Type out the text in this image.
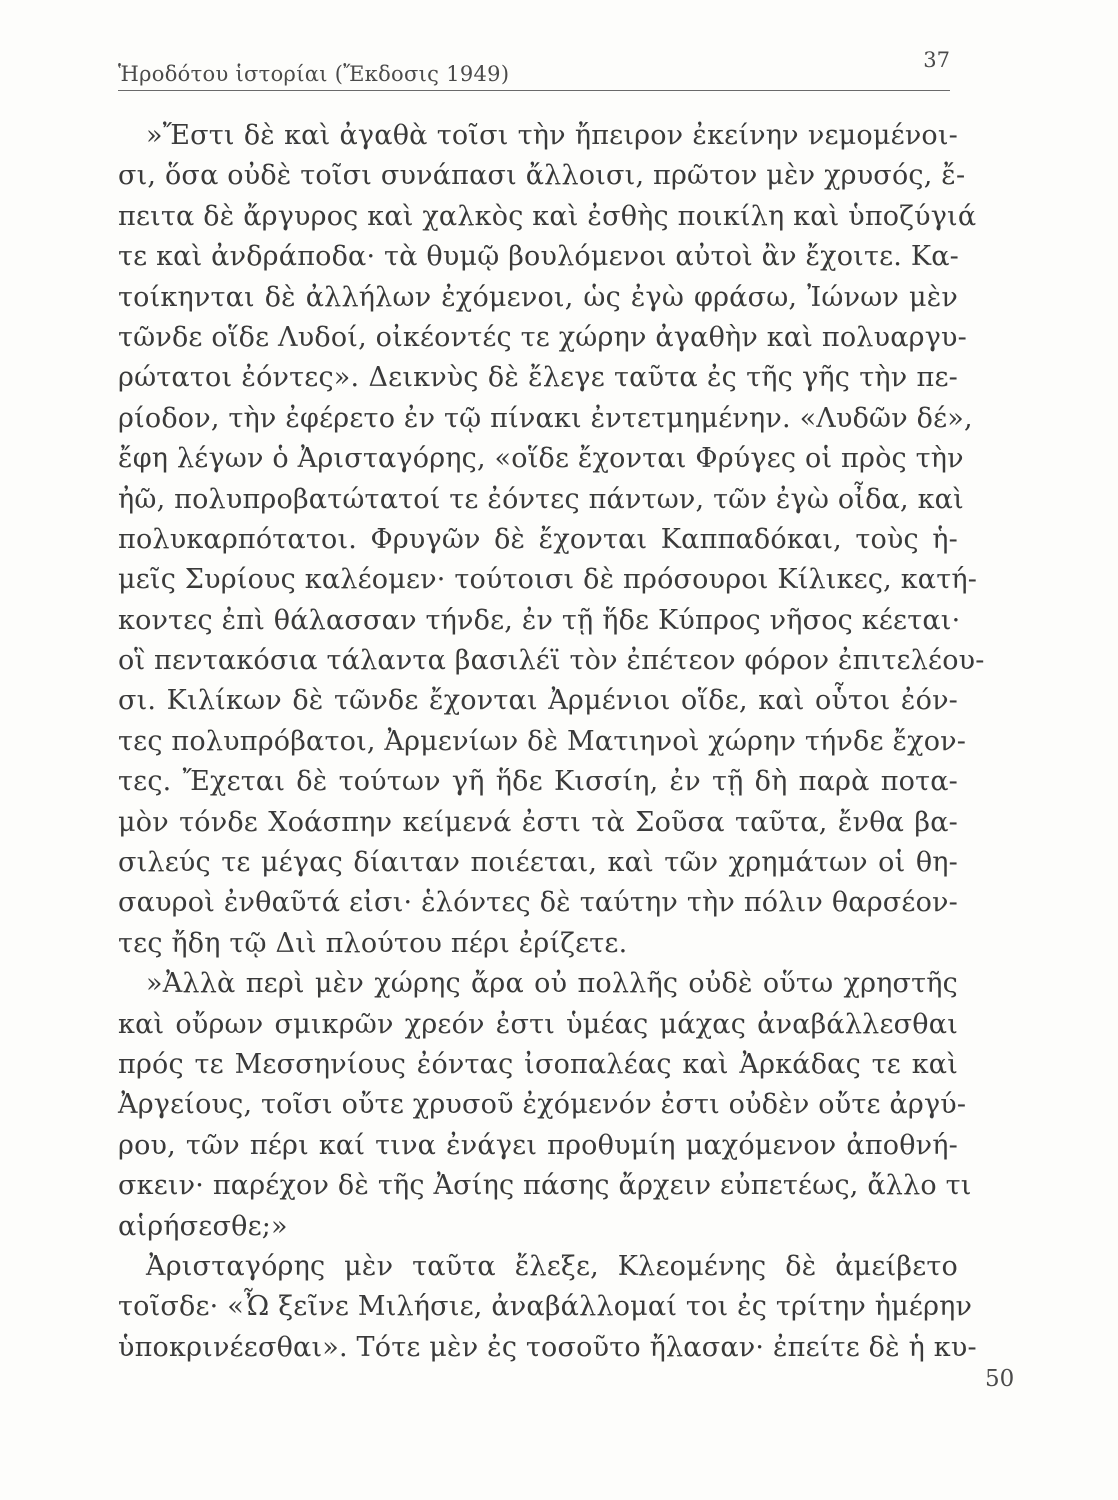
Ἡροδότου ἱστορίαι (Ἔκδοσις 1949)
37
»Ἔστι δὲ καὶ ἀγαθὰ τοῖσι τὴν ἤπειρον ἐκείνην νεμομένοι-
σι, ὅσα οὐδὲ τοῖσι συνάπασι ἄλλοισι, πρῶτον μὲν χρυσός, ἔ-
πειτα δὲ ἄργυρος καὶ χαλκὸς καὶ ἐσθὴς ποικίλη καὶ ὑποζύγιά
τε καὶ ἀνδράποδα· τὰ θυμῷ βουλόμενοι αὐτοὶ ἂν ἔχοιτε. Κα-
τοίκηνται δὲ ἀλλήλων ἐχόμενοι, ὡς ἐγὼ φράσω, Ἰώνων μὲν
τῶνδε οἵδε Λυδοί, οἰκέοντές τε χώρην ἀγαθὴν καὶ πολυαργυ-
ρώτατοι ἐόντες». Δεικνὺς δὲ ἔλεγε ταῦτα ἐς τῆς γῆς τὴν πε-
ρίοδον, τὴν ἐφέρετο ἐν τῷ πίνακι ἐντετμημένην. «Λυδῶν δέ»,
ἔφη λέγων ὁ Ἀρισταγόρης, «οἵδε ἔχονται Φρύγες οἱ πρὸς τὴν
ἠῶ, πολυπροβατώτατοί τε ἐόντες πάντων, τῶν ἐγὼ οἶδα, καὶ
πολυκαρπότατοι. Φρυγῶν δὲ ἔχονται Καππαδόκαι, τοὺς ἡ-
μεῖς Συρίους καλέομεν· τούτοισι δὲ πρόσουροι Κίλικες, κατή-
κοντες ἐπὶ θάλασσαν τήνδε, ἐν τῇ ἥδε Κύπρος νῆσος κέεται·
οἳ πεντακόσια τάλαντα βασιλέϊ τὸν ἐπέτεον φόρον ἐπιτελέου-
σι. Κιλίκων δὲ τῶνδε ἔχονται Ἀρμένιοι οἵδε, καὶ οὗτοι ἐόν-
τες πολυπρόβατοι, Ἀρμενίων δὲ Ματιηνοὶ χώρην τήνδε ἔχον-
τες. Ἔχεται δὲ τούτων γῆ ἥδε Κισσίη, ἐν τῇ δὴ παρὰ ποτα-
μὸν τόνδε Χοάσπην κείμενά ἐστι τὰ Σοῦσα ταῦτα, ἔνθα βα-
σιλεύς τε μέγας δίαιταν ποιέεται, καὶ τῶν χρημάτων οἱ θη-
σαυροὶ ἐνθαῦτά εἰσι· ἑλόντες δὲ ταύτην τὴν πόλιν θαρσέον-
τες ἤδη τῷ Διὶ πλούτου πέρι ἐρίζετε.
»Ἀλλὰ περὶ μὲν χώρης ἄρα οὐ πολλῆς οὐδὲ οὕτω χρηστῆς
καὶ οὔρων σμικρῶν χρεόν ἐστι ὑμέας μάχας ἀναβάλλεσθαι
πρός τε Μεσσηνίους ἐόντας ἰσοπαλέας καὶ Ἀρκάδας τε καὶ
Ἀργείους, τοῖσι οὔτε χρυσοῦ ἐχόμενόν ἐστι οὐδὲν οὔτε ἀργύ-
ρου, τῶν πέρι καί τινα ἐνάγει προθυμίη μαχόμενον ἀποθνή-
σκειν· παρέχον δὲ τῆς Ἀσίης πάσης ἄρχειν εὐπετέως, ἄλλο τι
αἱρήσεσθε;»
Ἀρισταγόρης μὲν ταῦτα ἔλεξε, Κλεομένης δὲ ἀμείβετο
τοῖσδε· «Ὦ ξεῖνε Μιλήσιε, ἀναβάλλομαί τοι ἐς τρίτην ἡμέρην
ὑποκρινέεσθαι». Τότε μὲν ἐς τοσοῦτο ἤλασαν· ἐπείτε δὲ ἡ κυ-
50
